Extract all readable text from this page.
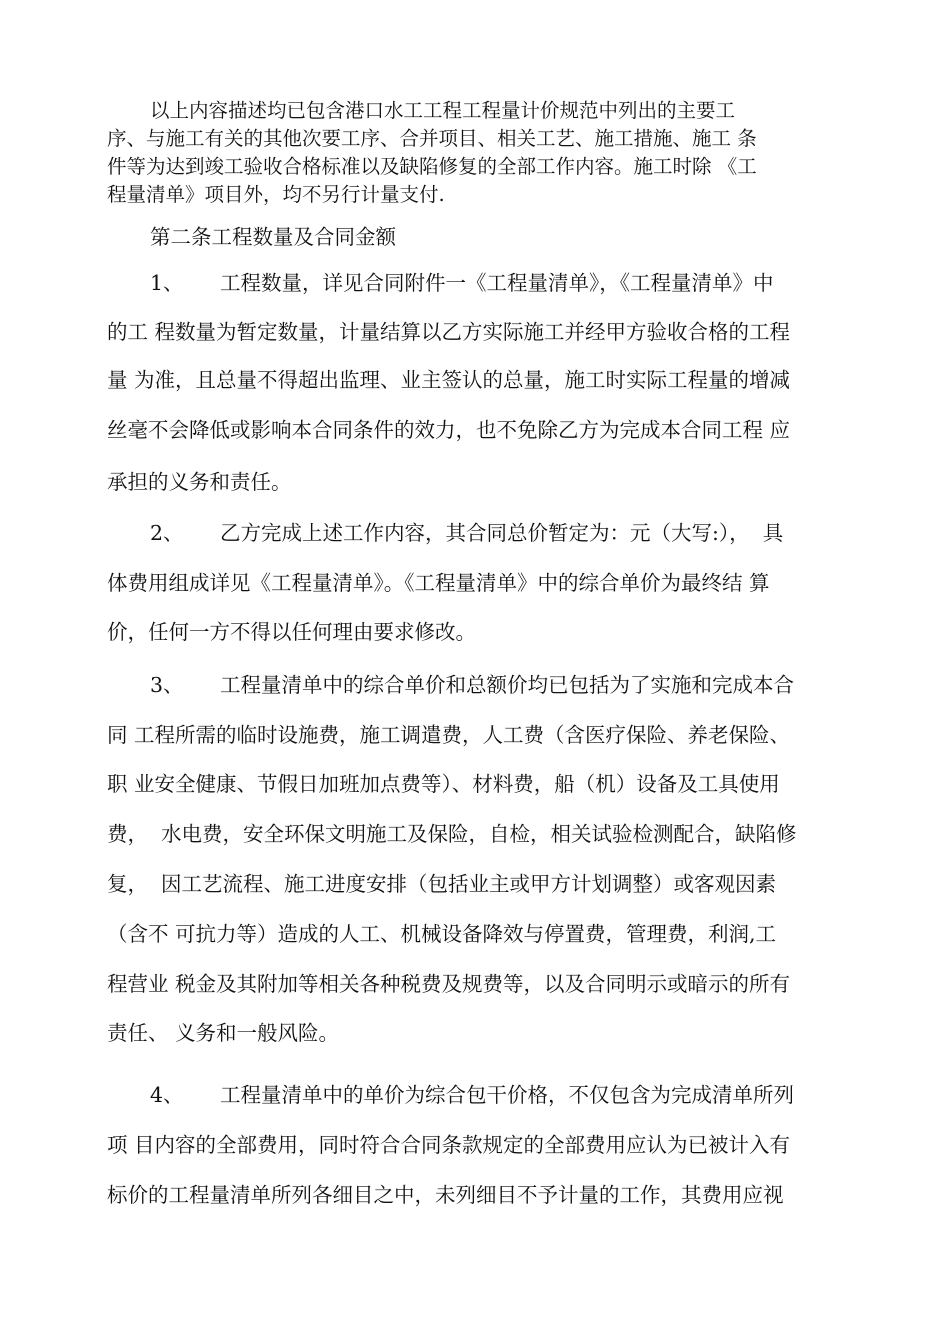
以上内容描述均已包含港口水工工程工程量计价规范中列出的主要工
序、与施工有关的其他次要工序、合并项目、相关工艺、施工措施、施工 条
件等为达到竣工验收合格标准以及缺陷修复的全部工作内容。施工时除 《工
程量清单》项目外，均不另行计量支付.
第二条工程数量及合同金额
1、	工程数量，详见合同附件一《工程量清单》，《工程量清单》中
的工 程数量为暂定数量，计量结算以乙方实际施工并经甲方验收合格的工程
量 为准，且总量不得超出监理、业主签认的总量，施工时实际工程量的增减
丝毫不会降低或影响本合同条件的效力，也不免除乙方为完成本合同工程 应
承担的义务和责任。
2、	乙方完成上述工作内容，其合同总价暂定为：元（大写:），  具
体费用组成详见《工程量清单》。《工程量清单》中的综合单价为最终结 算
价，任何一方不得以任何理由要求修改。
3、	工程量清单中的综合单价和总额价均已包括为了实施和完成本合
同 工程所需的临时设施费，施工调遣费，人工费（含医疗保险、养老保险、
职 业安全健康、节假日加班加点费等）、材料费，船（机）设备及工具使用
费，  水电费，安全环保文明施工及保险，自检，相关试验检测配合，缺陷修
复，  因工艺流程、施工进度安排（包括业主或甲方计划调整）或客观因素
（含不 可抗力等）造成的人工、机械设备降效与停置费，管理费，利润,工
程营业 税金及其附加等相关各种税费及规费等，以及合同明示或暗示的所有
责任、 义务和一般风险。
4、	工程量清单中的单价为综合包干价格，不仅包含为完成清单所列
项 目内容的全部费用，同时符合合同条款规定的全部费用应认为已被计入有
标价的工程量清单所列各细目之中，未列细目不予计量的工作，其费用应视
